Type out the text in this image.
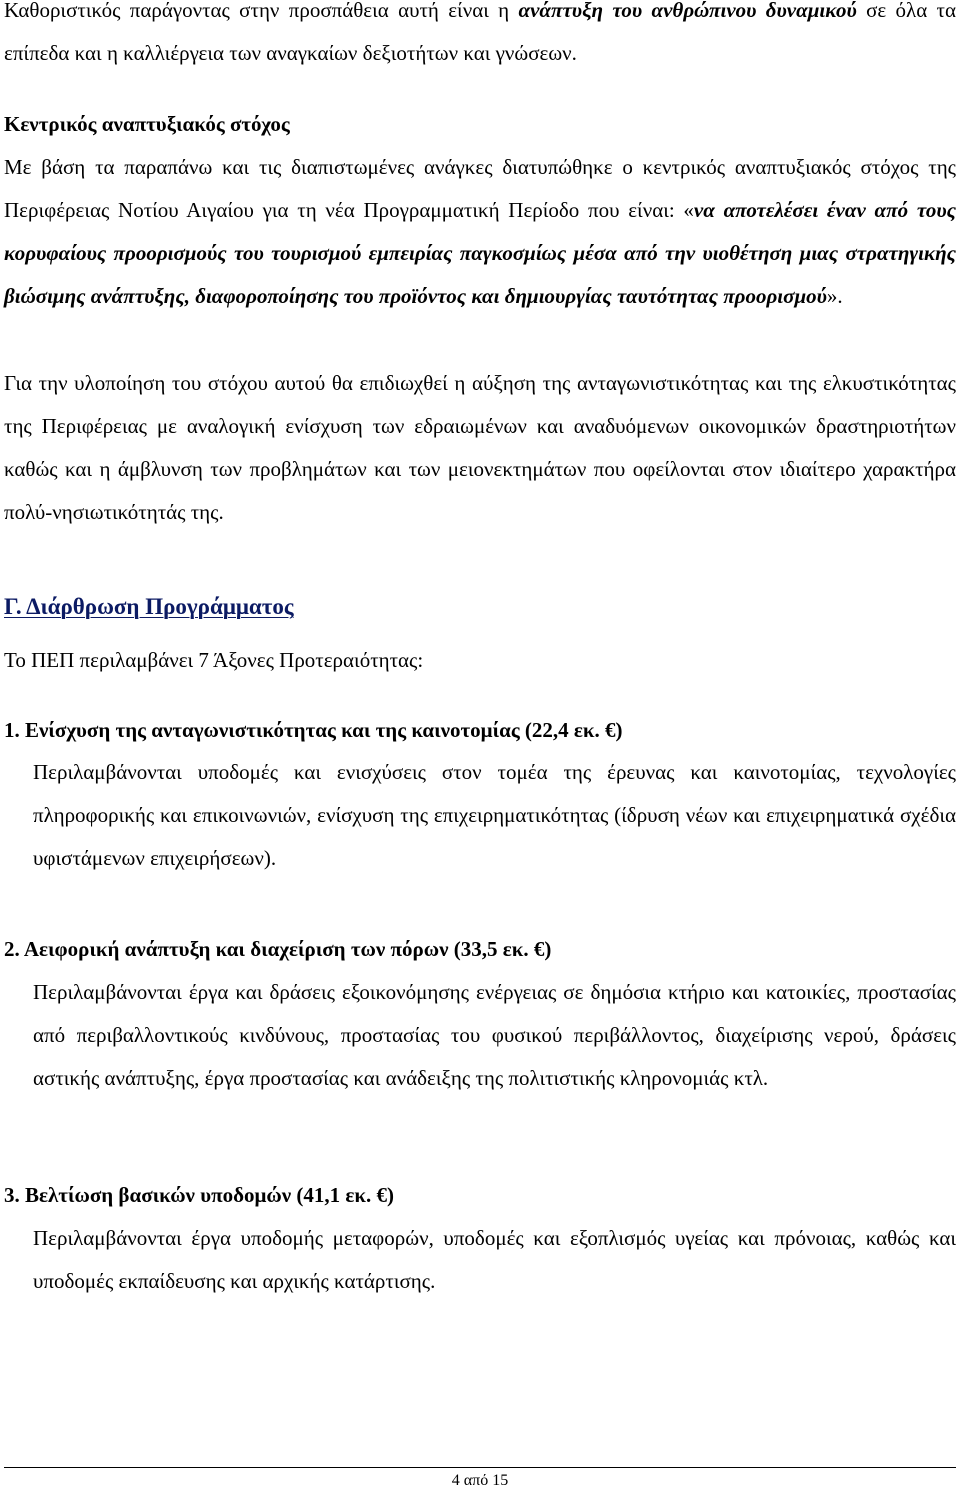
Καθοριστικός παράγοντας στην προσπάθεια αυτή είναι η ανάπτυξη του ανθρώπινου δυναμικού σε όλα τα επίπεδα και η καλλιέργεια των αναγκαίων δεξιοτήτων και γνώσεων.

Κεντρικός αναπτυξιακός στόχος

Με βάση τα παραπάνω και τις διαπιστωμένες ανάγκες διατυπώθηκε ο κεντρικός αναπτυξιακός στόχος της Περιφέρειας Νοτίου Αιγαίου για τη νέα Προγραμματική Περίοδο που είναι: «να αποτελέσει έναν από τους κορυφαίους προορισμούς του τουρισμού εμπειρίας παγκοσμίως μέσα από την υιοθέτηση μιας στρατηγικής βιώσιμης ανάπτυξης, διαφοροποίησης του προϊόντος και δημιουργίας ταυτότητας προορισμού».

Για την υλοποίηση του στόχου αυτού θα επιδιωχθεί η αύξηση της ανταγωνιστικότητας και της ελκυστικότητας της Περιφέρειας με αναλογική ενίσχυση των εδραιωμένων και αναδυόμενων οικονομικών δραστηριοτήτων καθώς και η άμβλυνση των προβλημάτων και των μειονεκτημάτων που οφείλονται στον ιδιαίτερο χαρακτήρα πολύ-νησιωτικότητάς της.

Γ. Διάρθρωση Προγράμματος
Το ΠΕΠ περιλαμβάνει 7 Άξονες Προτεραιότητας:
1. Ενίσχυση της ανταγωνιστικότητας και της καινοτομίας (22,4 εκ. €)

Περιλαμβάνονται υποδομές και ενισχύσεις στον τομέα της έρευνας και καινοτομίας, τεχνολογίες πληροφορικής και επικοινωνιών, ενίσχυση της επιχειρηματικότητας (ίδρυση νέων και επιχειρηματικά σχέδια υφιστάμενων επιχειρήσεων).

2. Αειφορική ανάπτυξη και διαχείριση των πόρων (33,5 εκ. €)

Περιλαμβάνονται έργα και δράσεις εξοικονόμησης ενέργειας σε δημόσια κτήριο και κατοικίες, προστασίας από περιβαλλοντικούς κινδύνους, προστασίας του φυσικού περιβάλλοντος, διαχείρισης νερού, δράσεις αστικής ανάπτυξης, έργα προστασίας και ανάδειξης της πολιτιστικής κληρονομιάς κτλ.

3. Βελτίωση βασικών υποδομών (41,1 εκ. €)

Περιλαμβάνονται έργα υποδομής μεταφορών, υποδομές και εξοπλισμός υγείας και πρόνοιας, καθώς και υποδομές εκπαίδευσης και αρχικής κατάρτισης.

4 από 15
